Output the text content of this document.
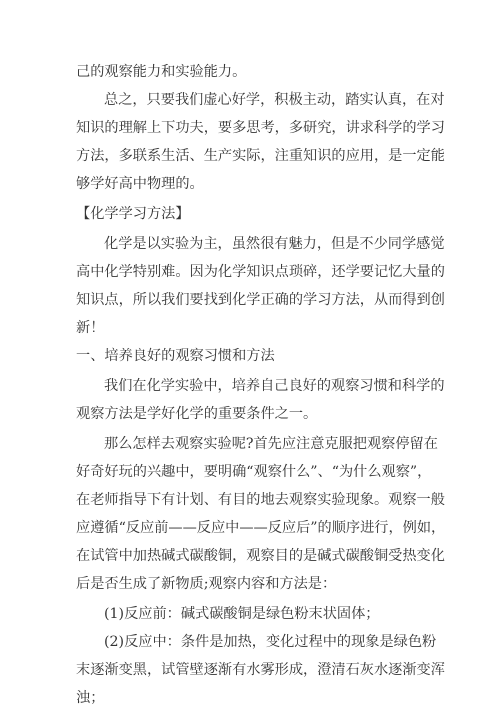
己的观察能力和实验能力。
总之，只要我们虚心好学，积极主动，踏实认真，在对
知识的理解上下功夫，要多思考，多研究，讲求科学的学习
方法，多联系生活、生产实际，注重知识的应用，是一定能
够学好高中物理的。
【化学学习方法】
化学是以实验为主，虽然很有魅力，但是不少同学感觉
高中化学特别难。因为化学知识点琐碎，还学要记忆大量的
知识点，所以我们要找到化学正确的学习方法，从而得到创
新！
一、培养良好的观察习惯和方法
我们在化学实验中，培养自己良好的观察习惯和科学的
观察方法是学好化学的重要条件之一。
那么怎样去观察实验呢?首先应注意克服把观察停留在
好奇好玩的兴趣中，要明确“观察什么”、“为什么观察”，
在老师指导下有计划、有目的地去观察实验现象。观察一般
应遵循“反应前——反应中——反应后”的顺序进行，例如，
在试管中加热碱式碳酸铜，观察目的是碱式碳酸铜受热变化
后是否生成了新物质;观察内容和方法是：
(1)反应前：碱式碳酸铜是绿色粉末状固体；
(2)反应中：条件是加热，变化过程中的现象是绿色粉
末逐渐变黑，试管壁逐渐有水雾形成，澄清石灰水逐渐变浑
浊；
